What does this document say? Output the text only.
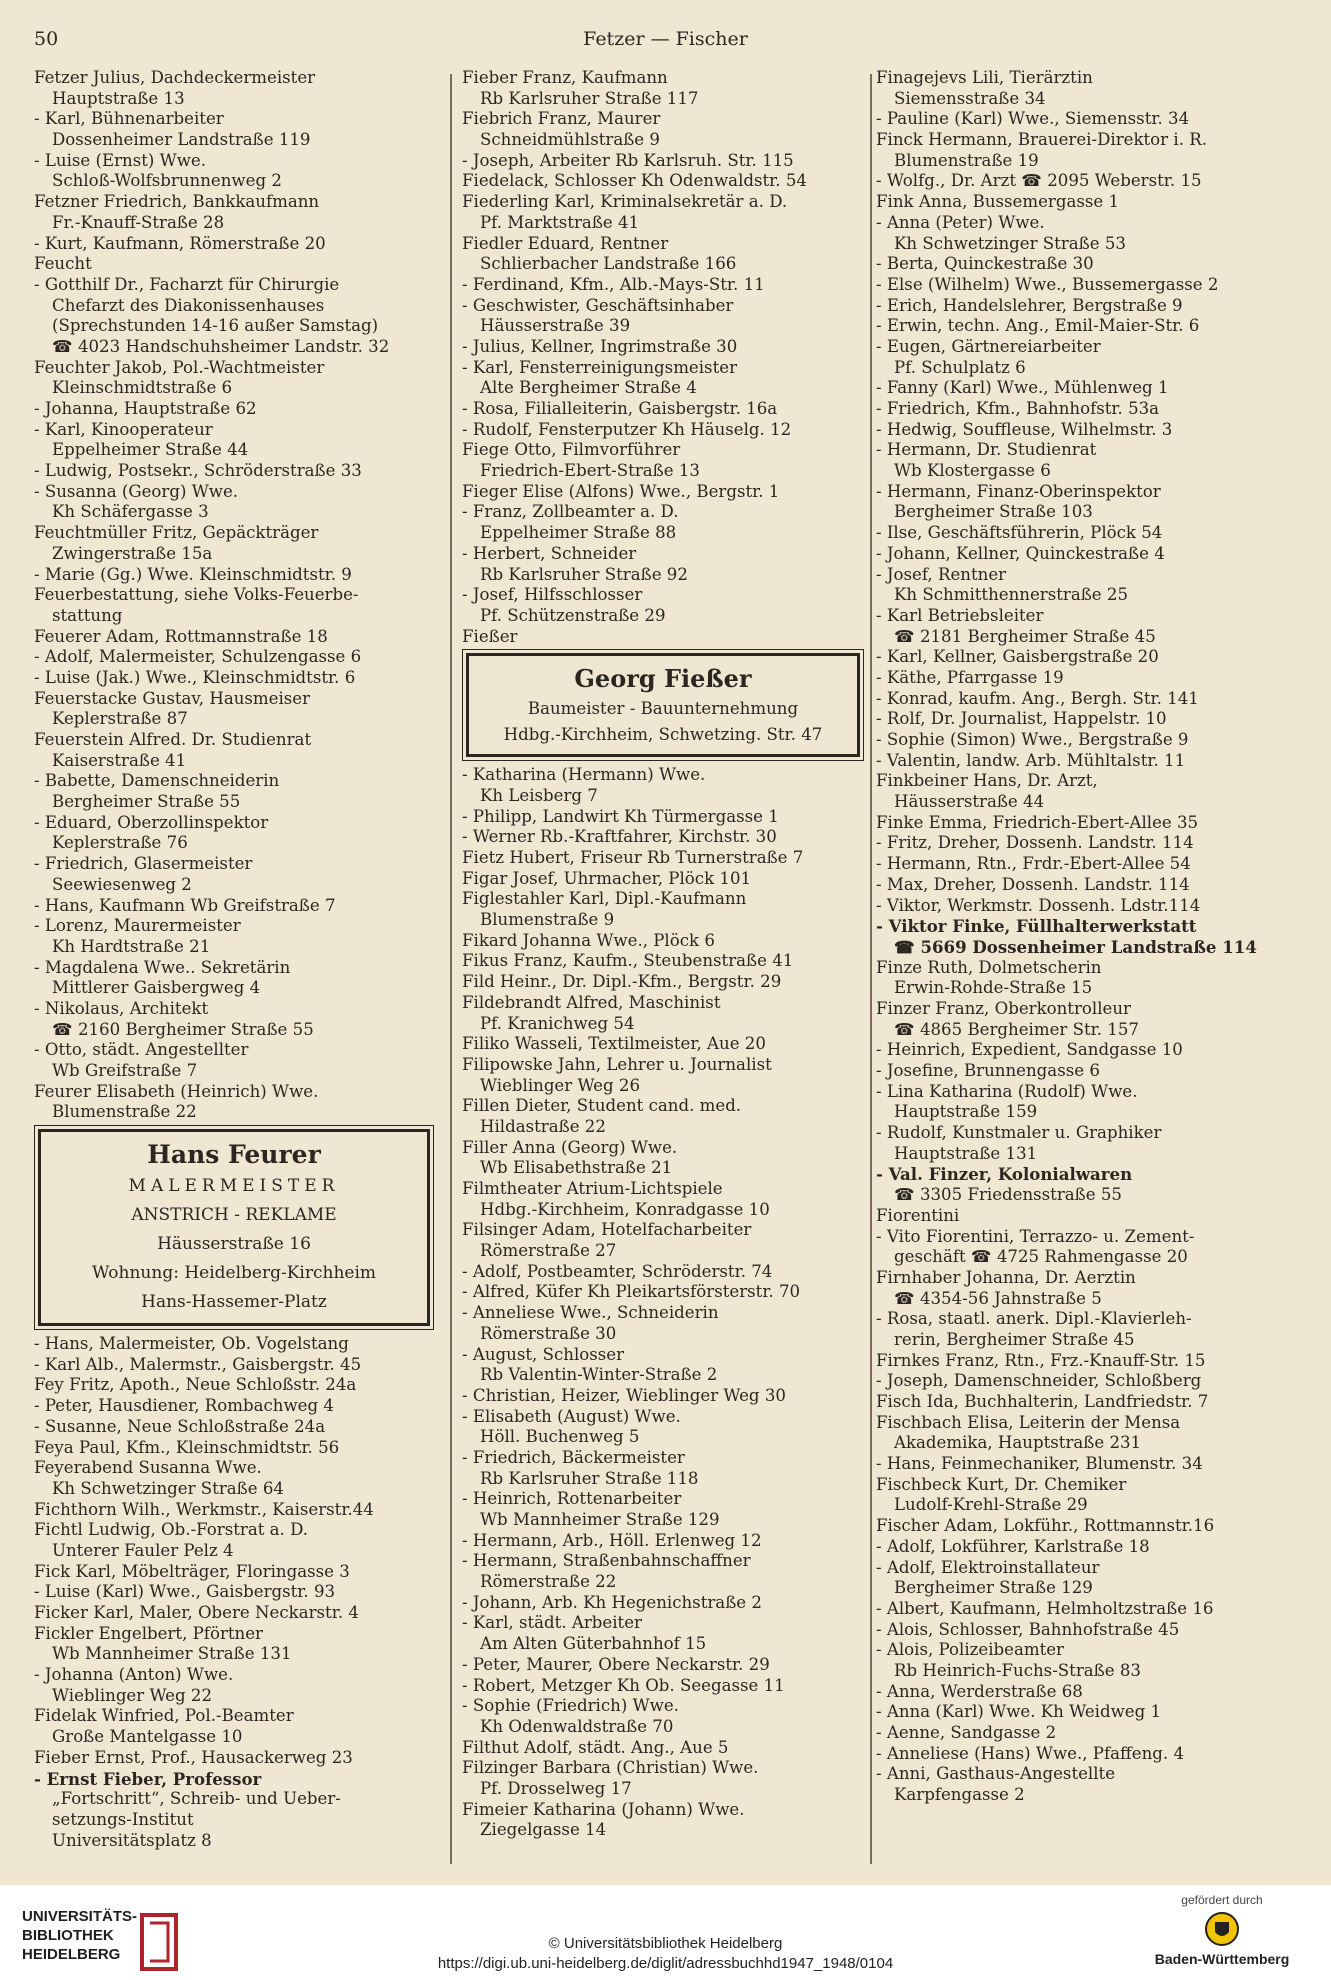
50	Fetzer — Fischer
Fetzer Julius, Dachdeckermeister
Hauptstraße 13
- Karl, Bühnenarbeiter
Dossenheimer Landstraße 119
- Luise (Ernst) Wwe.
Schloß-Wolfsbrunnenweg 2
Fetzner Friedrich, Bankkaufmann
Fr.-Knauff-Straße 28
- Kurt, Kaufmann, Römerstraße 20
Feucht
- Gotthilf Dr., Facharzt für Chirurgie
Chefarzt des Diakonissenhauses
(Sprechstunden 14-16 außer Samstag)
☎ 4023 Handschuhsheimer Landstr. 32
Feuchter Jakob, Pol.-Wachtmeister
Kleinschmidtstraße 6
- Johanna, Hauptstraße 62
- Karl, Kinooperateur
Eppelheimer Straße 44
- Ludwig, Postsekr., Schröderstraße 33
- Susanna (Georg) Wwe.
Kh Schäfergasse 3
Feuchtmüller Fritz, Gepäckträger
Zwingerstraße 15a
- Marie (Gg.) Wwe. Kleinschmidtstr. 9
Feuerbestattung, siehe Volks-Feuerbe-
stattung
Feuerer Adam, Rottmannstraße 18
- Adolf, Malermeister, Schulzengasse 6
- Luise (Jak.) Wwe., Kleinschmidtstr. 6
Feuerstacke Gustav, Hausmeiser
Keplerstraße 87
Feuerstein Alfred. Dr. Studienrat
Kaiserstraße 41
- Babette, Damenschneiderin
Bergheimer Straße 55
- Eduard, Oberzollinspektor
Keplerstraße 76
- Friedrich, Glasermeister
Seewiesenweg 2
- Hans, Kaufmann Wb Greifstraße 7
- Lorenz, Maurermeister
Kh Hardtstraße 21
- Magdalena Wwe.. Sekretärin
Mittlerer Gaisbergweg 4
- Nikolaus, Architekt
☎ 2160 Bergheimer Straße 55
- Otto, städt. Angestellter
Wb Greifstraße 7
Feurer Elisabeth (Heinrich) Wwe.
Blumenstraße 22
Hans Feurer
MALERMEISTER
ANSTRICH - REKLAME
Häusserstraße 16
Wohnung: Heidelberg-Kirchheim
Hans-Hassemer-Platz
- Hans, Malermeister, Ob. Vogelstang
- Karl Alb., Malermstr., Gaisbergstr. 45
Fey Fritz, Apoth., Neue Schloßstr. 24a
- Peter, Hausdiener, Rombachweg 4
- Susanne, Neue Schloßstraße 24a
Feya Paul, Kfm., Kleinschmidtstr. 56
Feyerabend Susanna Wwe.
Kh Schwetzinger Straße 64
Fichthorn Wilh., Werkmstr., Kaiserstr.44
Fichtl Ludwig, Ob.-Forstrat a. D.
Unterer Fauler Pelz 4
Fick Karl, Möbelträger, Floringasse 3
- Luise (Karl) Wwe., Gaisbergstr. 93
Ficker Karl, Maler, Obere Neckarstr. 4
Fickler Engelbert, Pförtner
Wb Mannheimer Straße 131
- Johanna (Anton) Wwe.
Wieblinger Weg 22
Fidelak Winfried, Pol.-Beamter
Große Mantelgasse 10
Fieber Ernst, Prof., Hausackerweg 23
- Ernst Fieber, Professor
„Fortschritt“, Schreib- und Ueber-
setzungs-Institut
Universitätsplatz 8
Fieber Franz, Kaufmann
Rb Karlsruher Straße 117
Fiebrich Franz, Maurer
Schneidmühlstraße 9
- Joseph, Arbeiter Rb Karlsruh. Str. 115
Fiedelack, Schlosser Kh Odenwaldstr. 54
Fiederling Karl, Kriminalsekretär a. D.
Pf. Marktstraße 41
Fiedler Eduard, Rentner
Schlierbacher Landstraße 166
- Ferdinand, Kfm., Alb.-Mays-Str. 11
- Geschwister, Geschäftsinhaber
Häusserstraße 39
- Julius, Kellner, Ingrimstraße 30
- Karl, Fensterreinigungsmeister
Alte Bergheimer Straße 4
- Rosa, Filialleiterin, Gaisbergstr. 16a
- Rudolf, Fensterputzer Kh Häuselg. 12
Fiege Otto, Filmvorführer
Friedrich-Ebert-Straße 13
Fieger Elise (Alfons) Wwe., Bergstr. 1
- Franz, Zollbeamter a. D.
Eppelheimer Straße 88
- Herbert, Schneider
Rb Karlsruher Straße 92
- Josef, Hilfsschlosser
Pf. Schützenstraße 29
Fießer
Georg Fießer
Baumeister - Bauunternehmung
Hdbg.-Kirchheim, Schwetzing. Str. 47
- Katharina (Hermann) Wwe.
Kh Leisberg 7
- Philipp, Landwirt Kh Türmergasse 1
- Werner Rb.-Kraftfahrer, Kirchstr. 30
Fietz Hubert, Friseur Rb Turnerstraße 7
Figar Josef, Uhrmacher, Plöck 101
Figlestahler Karl, Dipl.-Kaufmann
Blumenstraße 9
Fikard Johanna Wwe., Plöck 6
Fikus Franz, Kaufm., Steubenstraße 41
Fild Heinr., Dr. Dipl.-Kfm., Bergstr. 29
Fildebrandt Alfred, Maschinist
Pf. Kranichweg 54
Filiko Wasseli, Textilmeister, Aue 20
Filipowske Jahn, Lehrer u. Journalist
Wieblinger Weg 26
Fillen Dieter, Student cand. med.
Hildastraße 22
Filler Anna (Georg) Wwe.
Wb Elisabethstraße 21
Filmtheater Atrium-Lichtspiele
Hdbg.-Kirchheim, Konradgasse 10
Filsinger Adam, Hotelfacharbeiter
Römerstraße 27
- Adolf, Postbeamter, Schröderstr. 74
- Alfred, Küfer Kh Pleikartsförsterstr. 70
- Anneliese Wwe., Schneiderin
Römerstraße 30
- August, Schlosser
Rb Valentin-Winter-Straße 2
- Christian, Heizer, Wieblinger Weg 30
- Elisabeth (August) Wwe.
Höll. Buchenweg 5
- Friedrich, Bäckermeister
Rb Karlsruher Straße 118
- Heinrich, Rottenarbeiter
Wb Mannheimer Straße 129
- Hermann, Arb., Höll. Erlenweg 12
- Hermann, Straßenbahnschaffner
Römerstraße 22
- Johann, Arb. Kh Hegenichstraße 2
- Karl, städt. Arbeiter
Am Alten Güterbahnhof 15
- Peter, Maurer, Obere Neckarstr. 29
- Robert, Metzger Kh Ob. Seegasse 11
- Sophie (Friedrich) Wwe.
Kh Odenwaldstraße 70
Filthut Adolf, städt. Ang., Aue 5
Filzinger Barbara (Christian) Wwe.
Pf. Drosselweg 17
Fimeier Katharina (Johann) Wwe.
Ziegelgasse 14
Finagejevs Lili, Tierärztin
Siemensstraße 34
- Pauline (Karl) Wwe., Siemensstr. 34
Finck Hermann, Brauerei-Direktor i. R.
Blumenstraße 19
- Wolfg., Dr. Arzt ☎ 2095 Weberstr. 15
Fink Anna, Bussemergasse 1
- Anna (Peter) Wwe.
Kh Schwetzinger Straße 53
- Berta, Quinckestraße 30
- Else (Wilhelm) Wwe., Bussemergasse 2
- Erich, Handelslehrer, Bergstraße 9
- Erwin, techn. Ang., Emil-Maier-Str. 6
- Eugen, Gärtnereiarbeiter
Pf. Schulplatz 6
- Fanny (Karl) Wwe., Mühlenweg 1
- Friedrich, Kfm., Bahnhofstr. 53a
- Hedwig, Souffleuse, Wilhelmstr. 3
- Hermann, Dr. Studienrat
Wb Klostergasse 6
- Hermann, Finanz-Oberinspektor
Bergheimer Straße 103
- Ilse, Geschäftsführerin, Plöck 54
- Johann, Kellner, Quinckestraße 4
- Josef, Rentner
Kh Schmitthennerstraße 25
- Karl Betriebsleiter
☎ 2181 Bergheimer Straße 45
- Karl, Kellner, Gaisbergstraße 20
- Käthe, Pfarrgasse 19
- Konrad, kaufm. Ang., Bergh. Str. 141
- Rolf, Dr. Journalist, Happelstr. 10
- Sophie (Simon) Wwe., Bergstraße 9
- Valentin, landw. Arb. Mühltalstr. 11
Finkbeiner Hans, Dr. Arzt,
Häusserstraße 44
Finke Emma, Friedrich-Ebert-Allee 35
- Fritz, Dreher, Dossenh. Landstr. 114
- Hermann, Rtn., Frdr.-Ebert-Allee 54
- Max, Dreher, Dossenh. Landstr. 114
- Viktor, Werkmstr. Dossenh. Ldstr.114
- Viktor Finke, Füllhalterwerkstatt
☎ 5669 Dossenheimer Landstraße 114
Finze Ruth, Dolmetscherin
Erwin-Rohde-Straße 15
Finzer Franz, Oberkontrolleur
☎ 4865 Bergheimer Str. 157
- Heinrich, Expedient, Sandgasse 10
- Josefine, Brunnengasse 6
- Lina Katharina (Rudolf) Wwe.
Hauptstraße 159
- Rudolf, Kunstmaler u. Graphiker
Hauptstraße 131
- Val. Finzer, Kolonialwaren
☎ 3305 Friedensstraße 55
Fiorentini
- Vito Fiorentini, Terrazzo- u. Zement-
geschäft ☎ 4725 Rahmengasse 20
Firnhaber Johanna, Dr. Aerztin
☎ 4354-56 Jahnstraße 5
- Rosa, staatl. anerk. Dipl.-Klavierleh-
rerin, Bergheimer Straße 45
Firnkes Franz, Rtn., Frz.-Knauff-Str. 15
- Joseph, Damenschneider, Schloßberg
Fisch Ida, Buchhalterin, Landfriedstr. 7
Fischbach Elisa, Leiterin der Mensa
Akademika, Hauptstraße 231
- Hans, Feinmechaniker, Blumenstr. 34
Fischbeck Kurt, Dr. Chemiker
Ludolf-Krehl-Straße 29
Fischer Adam, Lokführ., Rottmannstr.16
- Adolf, Lokführer, Karlstraße 18
- Adolf, Elektroinstallateur
Bergheimer Straße 129
- Albert, Kaufmann, Helmholtzstraße 16
- Alois, Schlosser, Bahnhofstraße 45
- Alois, Polizeibeamter
Rb Heinrich-Fuchs-Straße 83
- Anna, Werderstraße 68
- Anna (Karl) Wwe. Kh Weidweg 1
- Aenne, Sandgasse 2
- Anneliese (Hans) Wwe., Pfaffeng. 4
- Anni, Gasthaus-Angestellte
Karpfengasse 2
UNIVERSITÄTS-
BIBLIOTHEK
HEIDELBERG
© Universitätsbibliothek Heidelberg
https://digi.ub.uni-heidelberg.de/diglit/adressbuchhd1947_1948/0104
gefördert durch
Baden-Württemberg
